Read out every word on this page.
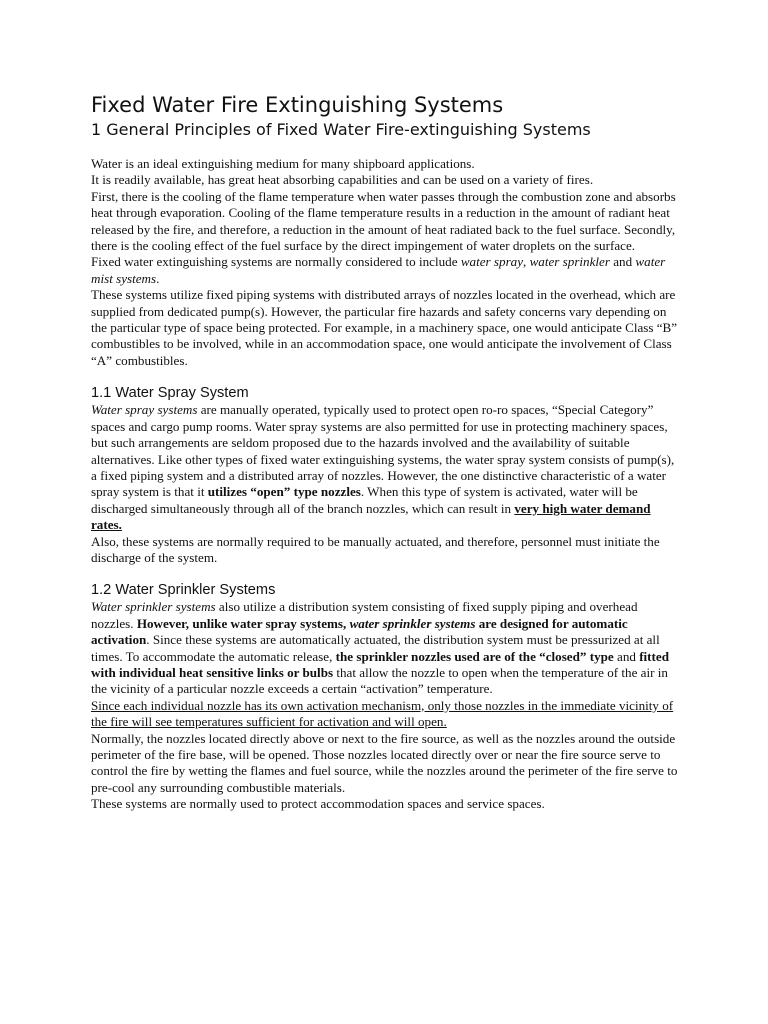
Fixed Water Fire Extinguishing Systems
1 General Principles of Fixed Water Fire-extinguishing Systems

Water is an ideal extinguishing medium for many shipboard applications.

It is readily available, has great heat absorbing capabilities and can be used on a variety of fires.

First, there is the cooling of the flame temperature when water passes through the combustion zone and absorbs heat through evaporation. Cooling of the flame temperature results in a reduction in the amount of radiant heat released by the fire, and therefore, a reduction in the amount of heat radiated back to the fuel surface. Secondly, there is the cooling effect of the fuel surface by the direct impingement of water droplets on the surface.

Fixed water extinguishing systems are normally considered to include water spray, water sprinkler and water mist systems.

These systems utilize fixed piping systems with distributed arrays of nozzles located in the overhead, which are supplied from dedicated pump(s). However, the particular fire hazards and safety concerns vary depending on the particular type of space being protected. For example, in a machinery space, one would anticipate Class “B” combustibles to be involved, while in an accommodation space, one would anticipate the involvement of Class “A” combustibles.

1.1 Water Spray System

Water spray systems are manually operated, typically used to protect open ro-ro spaces, “Special Category” spaces and cargo pump rooms. Water spray systems are also permitted for use in protecting machinery spaces, but such arrangements are seldom proposed due to the hazards involved and the availability of suitable alternatives. Like other types of fixed water extinguishing systems, the water spray system consists of pump(s), a fixed piping system and a distributed array of nozzles. However, the one distinctive characteristic of a water spray system is that it utilizes “open” type nozzles. When this type of system is activated, water will be discharged simultaneously through all of the branch nozzles, which can result in very high water demand rates.

Also, these systems are normally required to be manually actuated, and therefore, personnel must initiate the discharge of the system.

1.2 Water Sprinkler Systems

Water sprinkler systems also utilize a distribution system consisting of fixed supply piping and overhead nozzles. However, unlike water spray systems, water sprinkler systems are designed for automatic activation. Since these systems are automatically actuated, the distribution system must be pressurized at all times. To accommodate the automatic release, the sprinkler nozzles used are of the “closed” type and fitted with individual heat sensitive links or bulbs that allow the nozzle to open when the temperature of the air in the vicinity of a particular nozzle exceeds a certain “activation” temperature.
Since each individual nozzle has its own activation mechanism, only those nozzles in the immediate vicinity of the fire will see temperatures sufficient for activation and will open.

Normally, the nozzles located directly above or next to the fire source, as well as the nozzles around the outside perimeter of the fire base, will be opened. Those nozzles located directly over or near the fire source serve to control the fire by wetting the flames and fuel source, while the nozzles around the perimeter of the fire serve to pre-cool any surrounding combustible materials.

These systems are normally used to protect accommodation spaces and service spaces.
